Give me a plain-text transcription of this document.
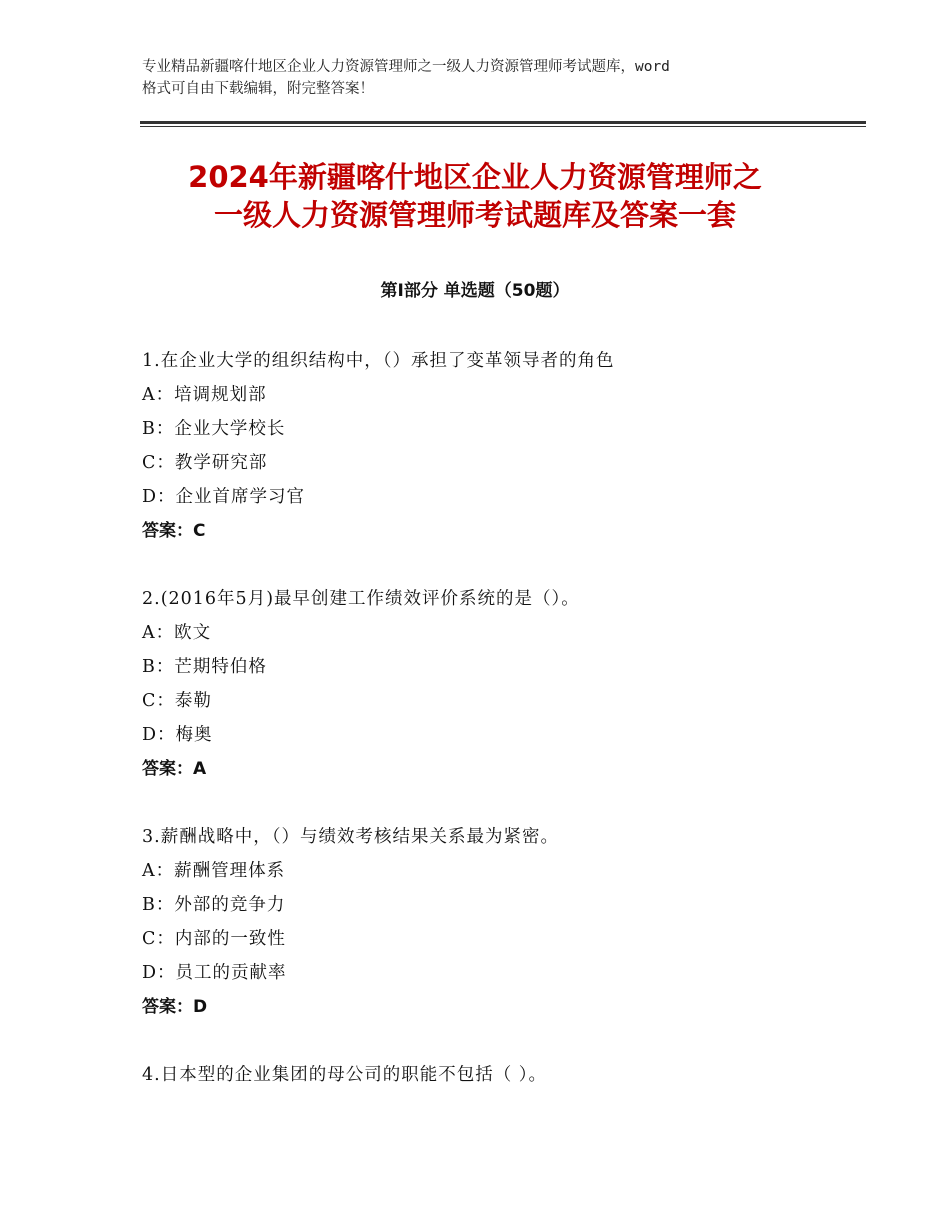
专业精品新疆喀什地区企业人力资源管理师之一级人力资源管理师考试题库，word
格式可自由下载编辑，附完整答案！
2024年新疆喀什地区企业人力资源管理师之
一级人力资源管理师考试题库及答案一套
第Ⅰ部分 单选题（50题）
1.在企业大学的组织结构中，（）承担了变革领导者的角色
A：培调规划部
B：企业大学校长
C：教学研究部
D：企业首席学习官
答案：C
2.(2016年5月)最早创建工作绩效评价系统的是（）。
A：欧文
B：芒期特伯格
C：泰勒
D：梅奥
答案：A
3.薪酬战略中，（）与绩效考核结果关系最为紧密。
A：薪酬管理体系
B：外部的竞争力
C：内部的一致性
D：员工的贡献率
答案：D
4.日本型的企业集团的母公司的职能不包括（ ）。
